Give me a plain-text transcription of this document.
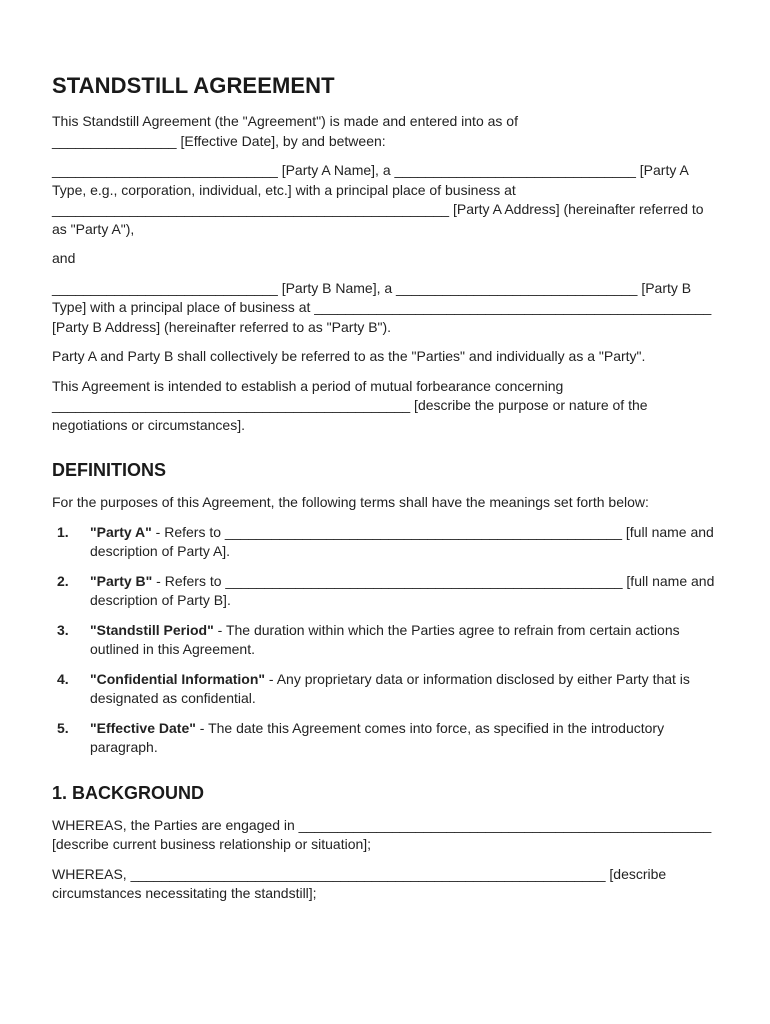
STANDSTILL AGREEMENT

This Standstill Agreement (the "Agreement") is made and entered into as of ________________ [Effective Date], by and between:

_____________________________ [Party A Name], a _______________________________ [Party A Type, e.g., corporation, individual, etc.] with a principal place of business at ___________________________________________________ [Party A Address] (hereinafter referred to as "Party A"),

and

_____________________________ [Party B Name], a _______________________________ [Party B Type] with a principal place of business at ___________________________________________________ [Party B Address] (hereinafter referred to as "Party B").

Party A and Party B shall collectively be referred to as the "Parties" and individually as a "Party".

This Agreement is intended to establish a period of mutual forbearance concerning ______________________________________________ [describe the purpose or nature of the negotiations or circumstances].

DEFINITIONS

For the purposes of this Agreement, the following terms shall have the meanings set forth below:

1. "Party A" - Refers to ___________________________________________________ [full name and description of Party A].
2. "Party B" - Refers to ___________________________________________________ [full name and description of Party B].
3. "Standstill Period" - The duration within which the Parties agree to refrain from certain actions outlined in this Agreement.
4. "Confidential Information" - Any proprietary data or information disclosed by either Party that is designated as confidential.
5. "Effective Date" - The date this Agreement comes into force, as specified in the introductory paragraph.
1. BACKGROUND

WHEREAS, the Parties are engaged in _____________________________________________________ [describe current business relationship or situation];

WHEREAS, _____________________________________________________________ [describe circumstances necessitating the standstill];
